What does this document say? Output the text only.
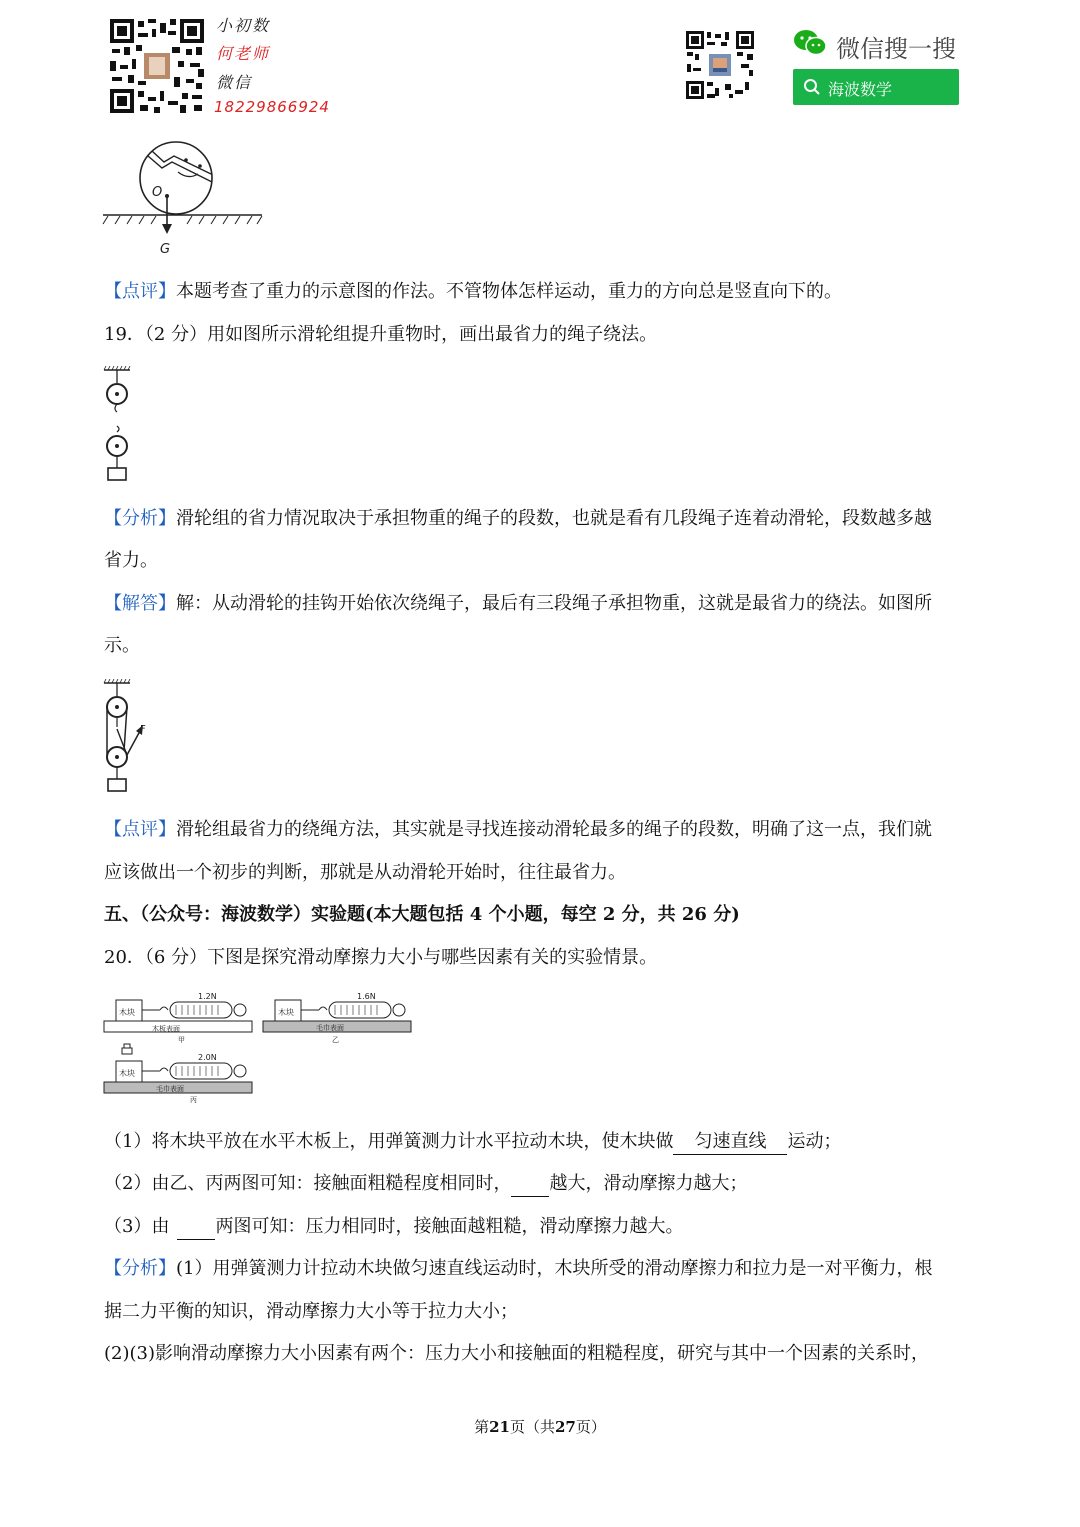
小初数
何老师
微信
18229866924
微信搜一搜
海波数学
O
G
【点评】本题考查了重力的示意图的作法。不管物体怎样运动，重力的方向总是竖直向下的。
19．（2 分）用如图所示滑轮组提升重物时，画出最省力的绳子绕法。
【分析】滑轮组的省力情况取决于承担物重的绳子的段数，也就是看有几段绳子连着动滑轮，段数越多越
省力。
【解答】解：从动滑轮的挂钩开始依次绕绳子，最后有三段绳子承担物重，这就是最省力的绕法。如图所
示。
F
【点评】滑轮组最省力的绕绳方法，其实就是寻找连接动滑轮最多的绳子的段数，明确了这一点，我们就
应该做出一个初步的判断，那就是从动滑轮开始时，往往最省力。
五、（公众号：海波数学）实验题(本大题包括 4 个小题，每空 2 分，共 26 分)
20．（6 分）下图是探究滑动摩擦力大小与哪些因素有关的实验情景。
木块
1.2N
木板表面
甲
木块
1.6N
毛巾表面
乙
木块
2.0N
毛巾表面
丙
（1）将木块平放在水平木板上，用弹簧测力计水平拉动木块，使木块做 匀速直线 运动；
（2）由乙、丙两图可知：接触面粗糙程度相同时， 越大，滑动摩擦力越大；
（3）由	两图可知：压力相同时，接触面越粗糙，滑动摩擦力越大。
【分析】(1）用弹簧测力计拉动木块做匀速直线运动时，木块所受的滑动摩擦力和拉力是一对平衡力，根
据二力平衡的知识，滑动摩擦力大小等于拉力大小；
(2)(3)影响滑动摩擦力大小因素有两个：压力大小和接触面的粗糙程度，研究与其中一个因素的关系时，
第21页（共27页）
